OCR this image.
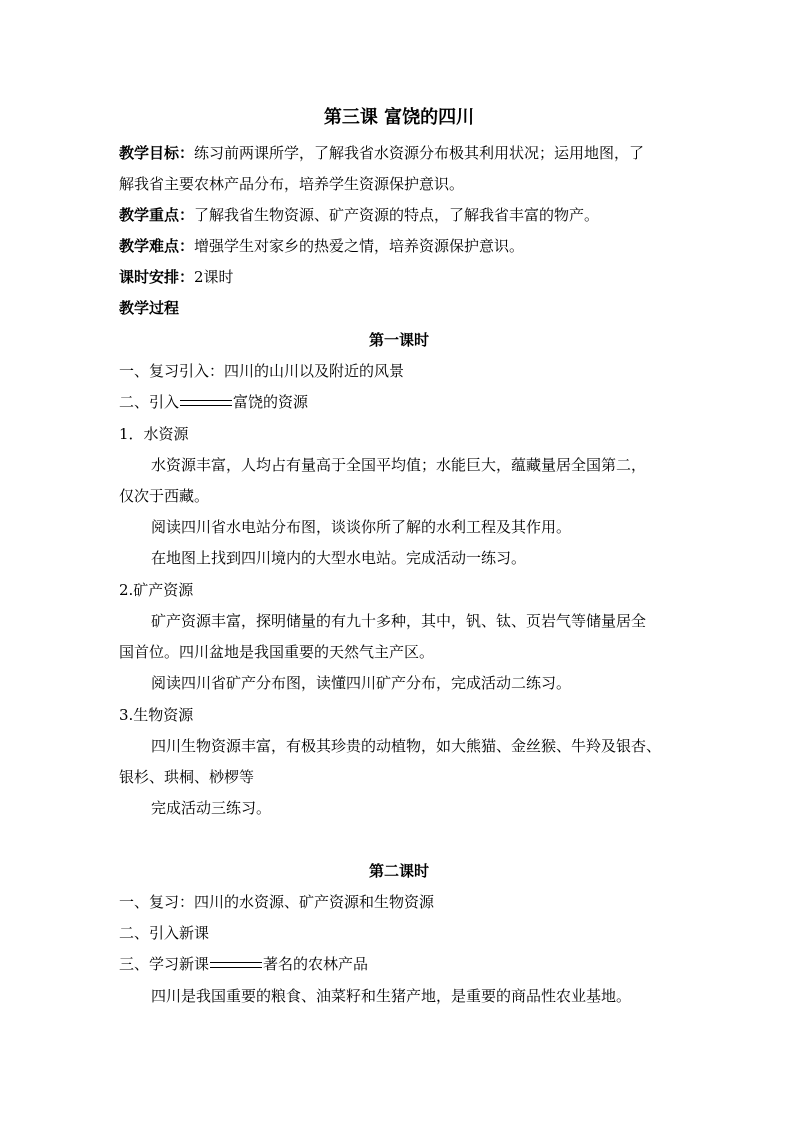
第三课 富饶的四川
教学目标：练习前两课所学，了解我省水资源分布极其利用状况；运用地图，了
解我省主要农林产品分布，培养学生资源保护意识。
教学重点：了解我省生物资源、矿产资源的特点，了解我省丰富的物产。
教学难点：增强学生对家乡的热爱之情，培养资源保护意识。
课时安排：2课时
教学过程
第一课时
一、复习引入：四川的山川以及附近的风景
二、引入	富饶的资源
1．水资源
水资源丰富，人均占有量高于全国平均值；水能巨大，蕴藏量居全国第二，
仅次于西藏。
阅读四川省水电站分布图，谈谈你所了解的水利工程及其作用。
在地图上找到四川境内的大型水电站。完成活动一练习。
2.矿产资源
矿产资源丰富，探明储量的有九十多种，其中，钒、钛、页岩气等储量居全
国首位。四川盆地是我国重要的天然气主产区。
阅读四川省矿产分布图，读懂四川矿产分布，完成活动二练习。
3.生物资源
四川生物资源丰富，有极其珍贵的动植物，如大熊猫、金丝猴、牛羚及银杏、
银杉、珙桐、桫椤等
完成活动三练习。
第二课时
一、复习：四川的水资源、矿产资源和生物资源
二、引入新课
三、学习新课	著名的农林产品
四川是我国重要的粮食、油菜籽和生猪产地，是重要的商品性农业基地。
